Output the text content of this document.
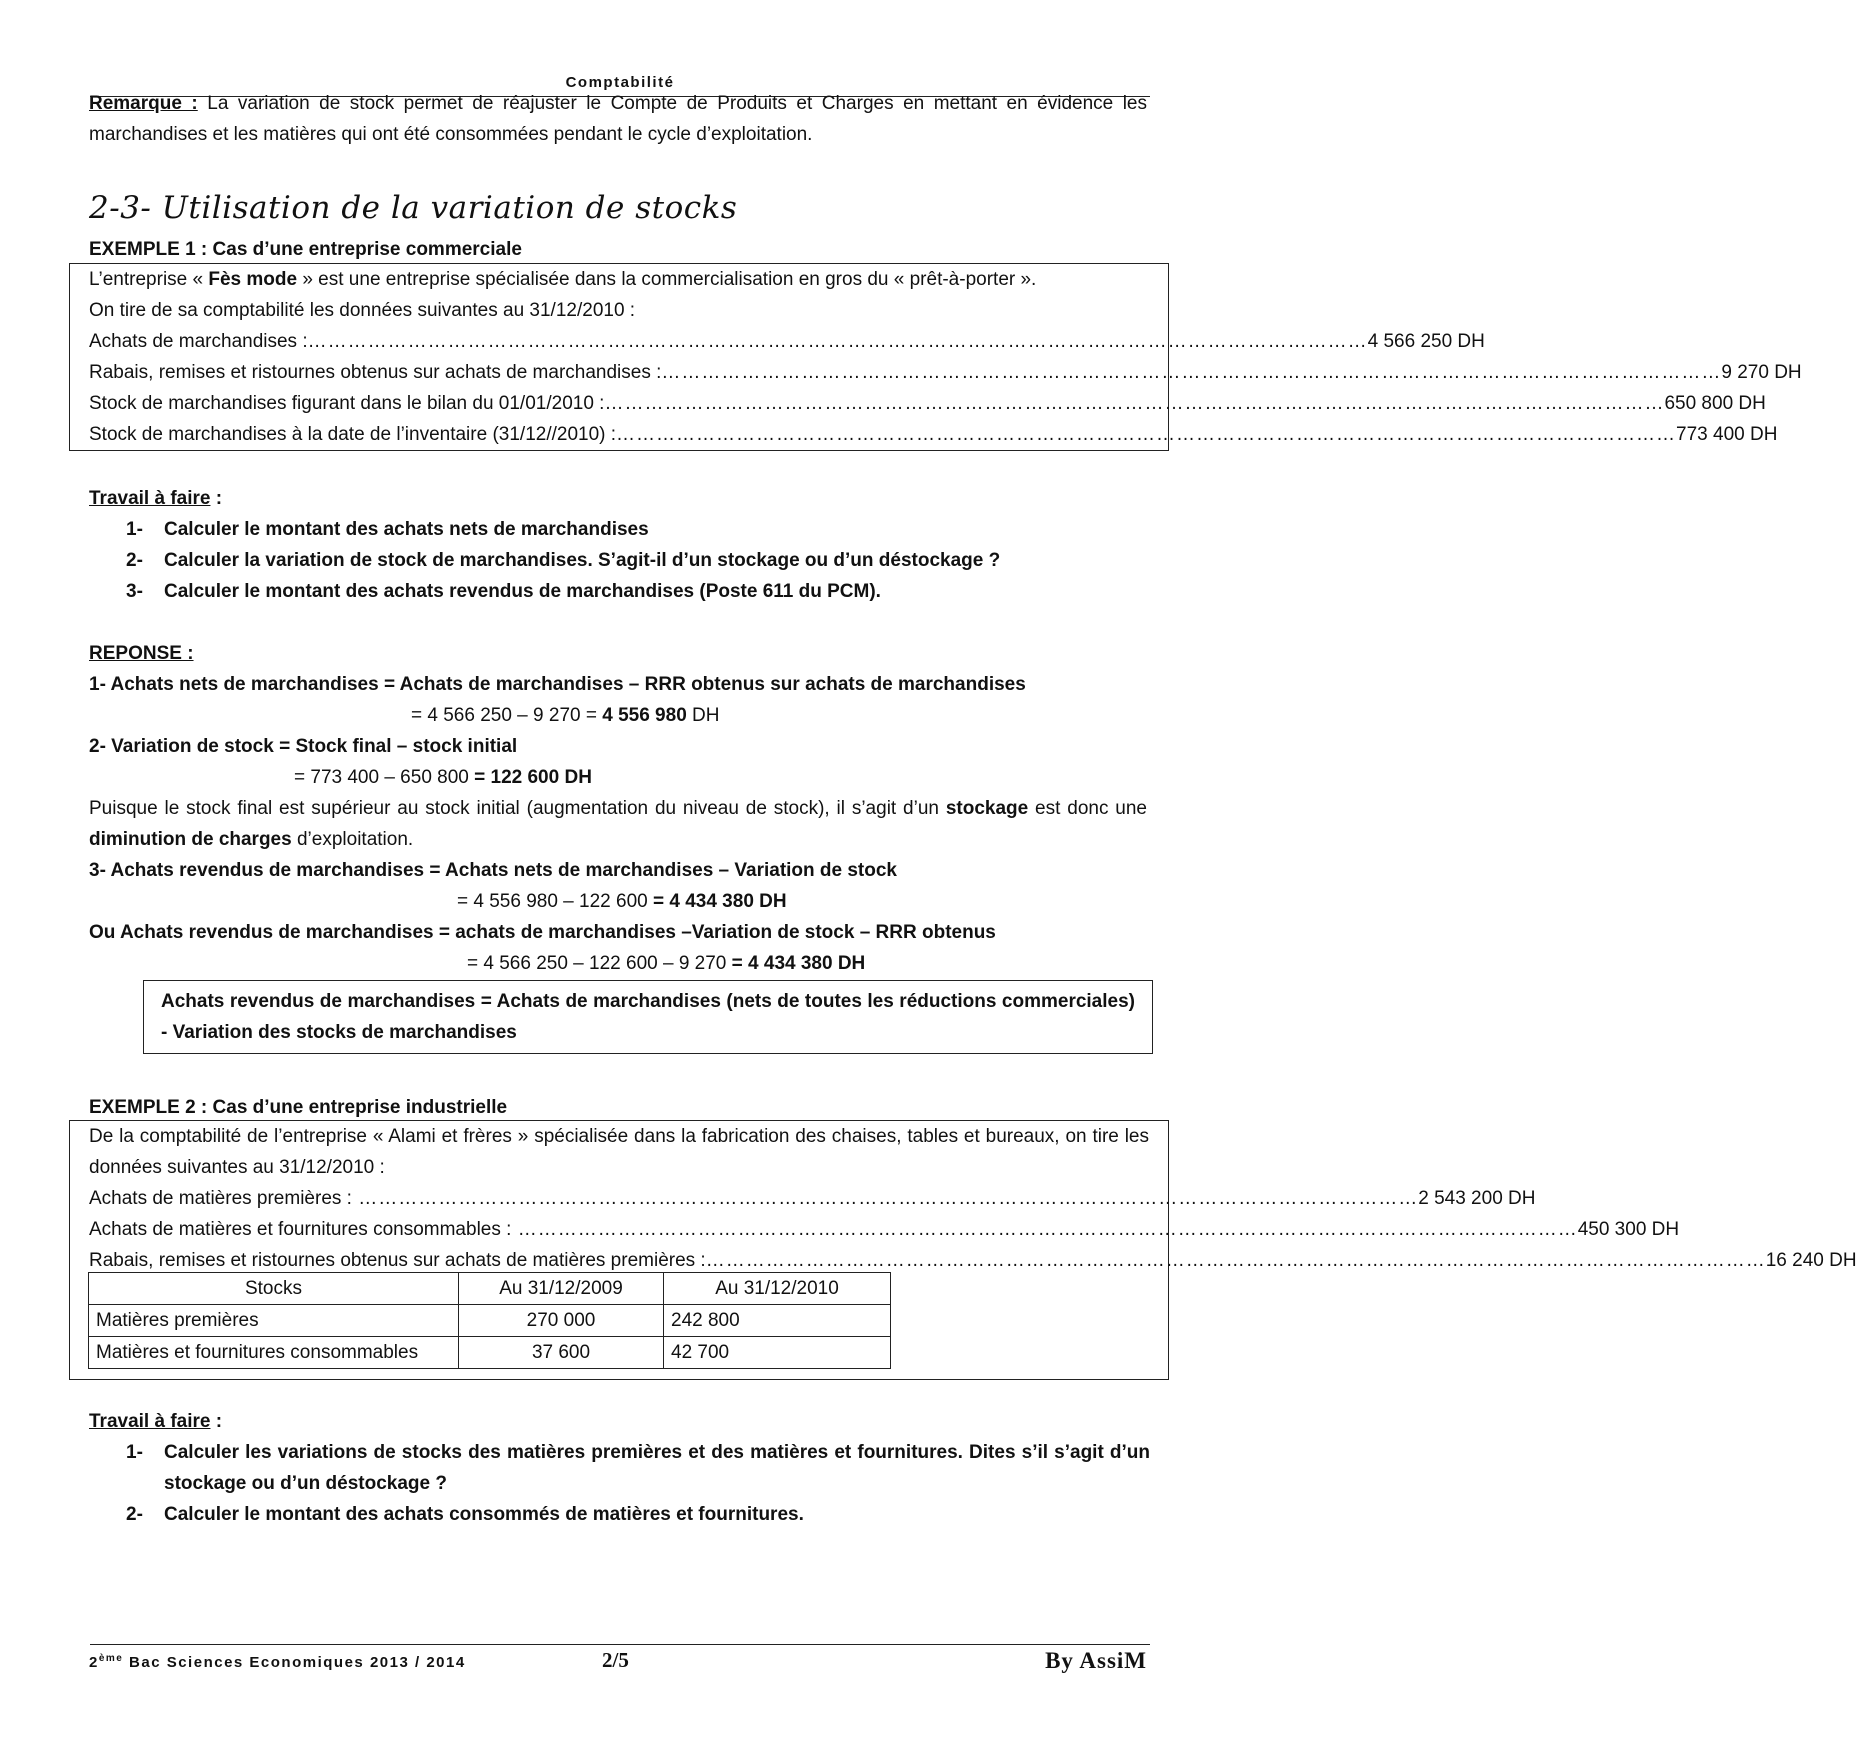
Comptabilité
Remarque : La variation de stock permet de réajuster le Compte de Produits et Charges en mettant en évidence les marchandises et les matières qui ont été consommées pendant le cycle d’exploitation.
2-3- Utilisation de la variation de stocks
EXEMPLE 1 : Cas d’une entreprise commerciale
L’entreprise « Fès mode » est une entreprise spécialisée dans la commercialisation en gros du « prêt-à-porter ».
On tire de sa comptabilité les données suivantes au 31/12/2010 :
Achats de marchandises : …………………………………………………………………………………………………………………………………………… 4 566 250 DH
Rabais, remises et ristournes obtenus sur achats de marchandises : …………………………………………………………………………………………………………………………………………… 9 270 DH
Stock de marchandises figurant dans le bilan du 01/01/2010 : …………………………………………………………………………………………………………………………………………… 650 800 DH
Stock de marchandises à la date de l’inventaire (31/12//2010) : …………………………………………………………………………………………………………………………………………… 773 400 DH
Travail à faire :
1-	Calculer le montant des achats nets de marchandises
2-	Calculer la variation de stock de marchandises. S’agit-il d’un stockage ou d’un déstockage ?
3-	Calculer le montant des achats revendus de marchandises (Poste 611 du PCM).
REPONSE :
1- Achats nets de marchandises = Achats de marchandises – RRR obtenus sur achats de marchandises
= 4 566 250 – 9 270 = 4 556 980 DH
2- Variation de stock = Stock final – stock initial
= 773 400 – 650 800 = 122 600 DH
Puisque le stock final est supérieur au stock initial (augmentation du niveau de stock), il s’agit d’un stockage est donc une diminution de charges d’exploitation.
3- Achats revendus de marchandises = Achats nets de marchandises – Variation de stock
= 4 556 980 – 122 600 = 4 434 380 DH
Ou Achats revendus de marchandises = achats de marchandises –Variation de stock – RRR obtenus
= 4 566 250 – 122 600 – 9 270 = 4 434 380 DH
Achats revendus de marchandises = Achats de marchandises (nets de toutes les réductions commerciales) - Variation des stocks de marchandises
EXEMPLE 2 : Cas d’une entreprise industrielle
De la comptabilité de l’entreprise « Alami et frères » spécialisée dans la fabrication des chaises, tables et bureaux, on tire les données suivantes au 31/12/2010 :
Achats de matières premières : …………………………………………………………………………………………………………………………………………… 2 543 200 DH
Achats de matières et fournitures consommables : …………………………………………………………………………………………………………………………………………… 450 300 DH
Rabais, remises et ristournes obtenus sur achats de matières premières : …………………………………………………………………………………………………………………………………………… 16 240 DH
Stocks	Au 31/12/2009	Au 31/12/2010
Matières premières	270 000	242 800
Matières et fournitures consommables	37 600	42 700
Travail à faire :
1-	Calculer les variations de stocks des matières premières et des matières et fournitures. Dites s’il s’agit d’un stockage ou d’un déstockage ?
2-	Calculer le montant des achats consommés de matières et fournitures.
2ème Bac Sciences Economiques 2013 / 2014	2/5	By AssiM
